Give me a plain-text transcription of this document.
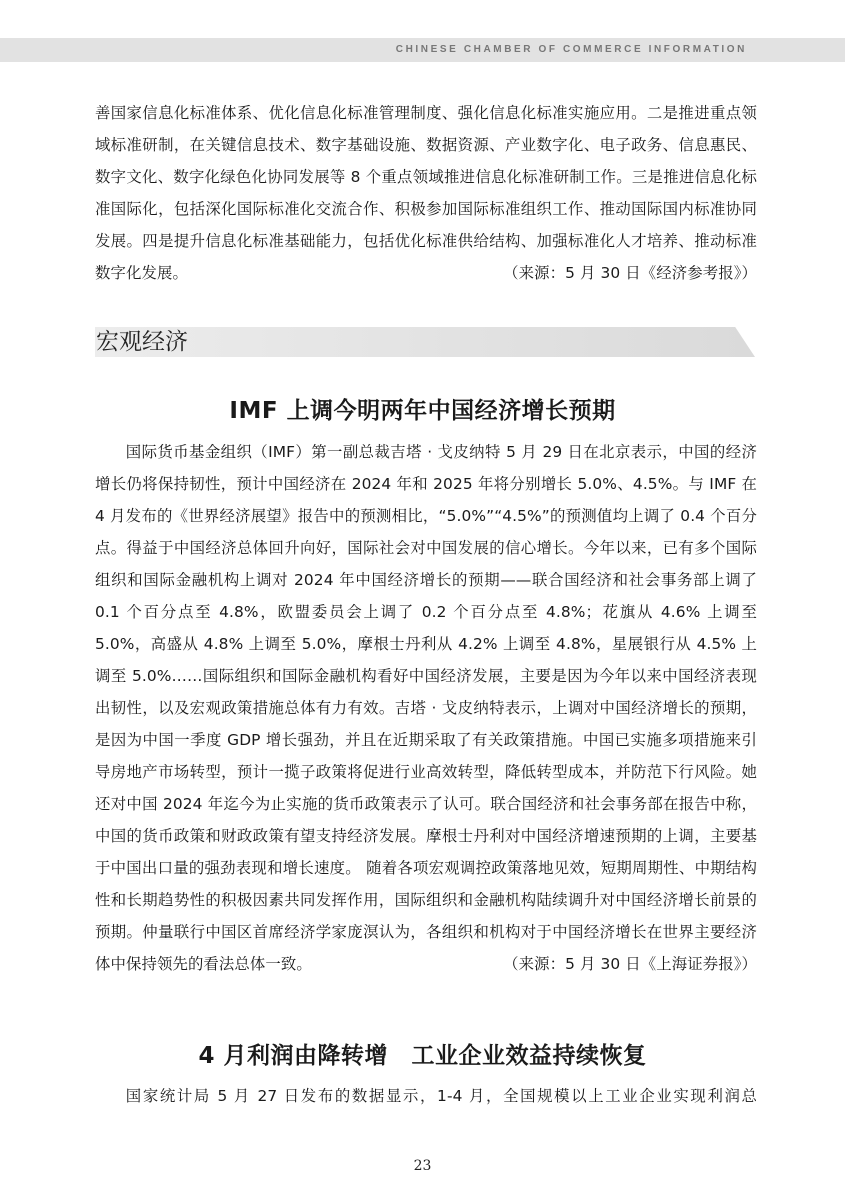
CHINESE CHAMBER OF COMMERCE INFORMATION

善国家信息化标准体系、优化信息化标准管理制度、强化信息化标准实施应用。二是推进重点领域标准研制，在关键信息技术、数字基础设施、数据资源、产业数字化、电子政务、信息惠民、数字文化、数字化绿色化协同发展等 8 个重点领域推进信息化标准研制工作。三是推进信息化标准国际化，包括深化国际标准化交流合作、积极参加国际标准组织工作、推动国际国内标准协同发展。四是提升信息化标准基础能力，包括优化标准供给结构、加强标准化人才培养、推动标准数字化发展。	（来源：5 月 30 日《经济参考报》）

宏观经济
IMF 上调今明两年中国经济增长预期

国际货币基金组织（IMF）第一副总裁吉塔 · 戈皮纳特 5 月 29 日在北京表示，中国的经济增长仍将保持韧性，预计中国经济在 2024 年和 2025 年将分别增长 5.0%、4.5%。与 IMF 在 4 月发布的《世界经济展望》报告中的预测相比，“5.0%”“4.5%”的预测值均上调了 0.4 个百分点。得益于中国经济总体回升向好，国际社会对中国发展的信心增长。今年以来，已有多个国际组织和国际金融机构上调对 2024 年中国经济增长的预期——联合国经济和社会事务部上调了 0.1 个百分点至 4.8%，欧盟委员会上调了 0.2 个百分点至 4.8%；花旗从 4.6% 上调至 5.0%，高盛从 4.8% 上调至 5.0%，摩根士丹利从 4.2% 上调至 4.8%，星展银行从 4.5% 上调至 5.0%……国际组织和国际金融机构看好中国经济发展，主要是因为今年以来中国经济表现出韧性，以及宏观政策措施总体有力有效。吉塔 · 戈皮纳特表示，上调对中国经济增长的预期，是因为中国一季度 GDP 增长强劲，并且在近期采取了有关政策措施。中国已实施多项措施来引导房地产市场转型，预计一揽子政策将促进行业高效转型，降低转型成本，并防范下行风险。她还对中国 2024 年迄今为止实施的货币政策表示了认可。联合国经济和社会事务部在报告中称，中国的货币政策和财政政策有望支持经济发展。摩根士丹利对中国经济增速预期的上调，主要基于中国出口量的强劲表现和增长速度。 随着各项宏观调控政策落地见效，短期周期性、中期结构性和长期趋势性的积极因素共同发挥作用，国际组织和金融机构陆续调升对中国经济增长前景的预期。仲量联行中国区首席经济学家庞溟认为，各组织和机构对于中国经济增长在世界主要经济体中保持领先的看法总体一致。	（来源：5 月 30 日《上海证券报》）

4 月利润由降转增　工业企业效益持续恢复

国家统计局 5 月 27 日发布的数据显示，1-4 月，全国规模以上工业企业实现利润总

23
